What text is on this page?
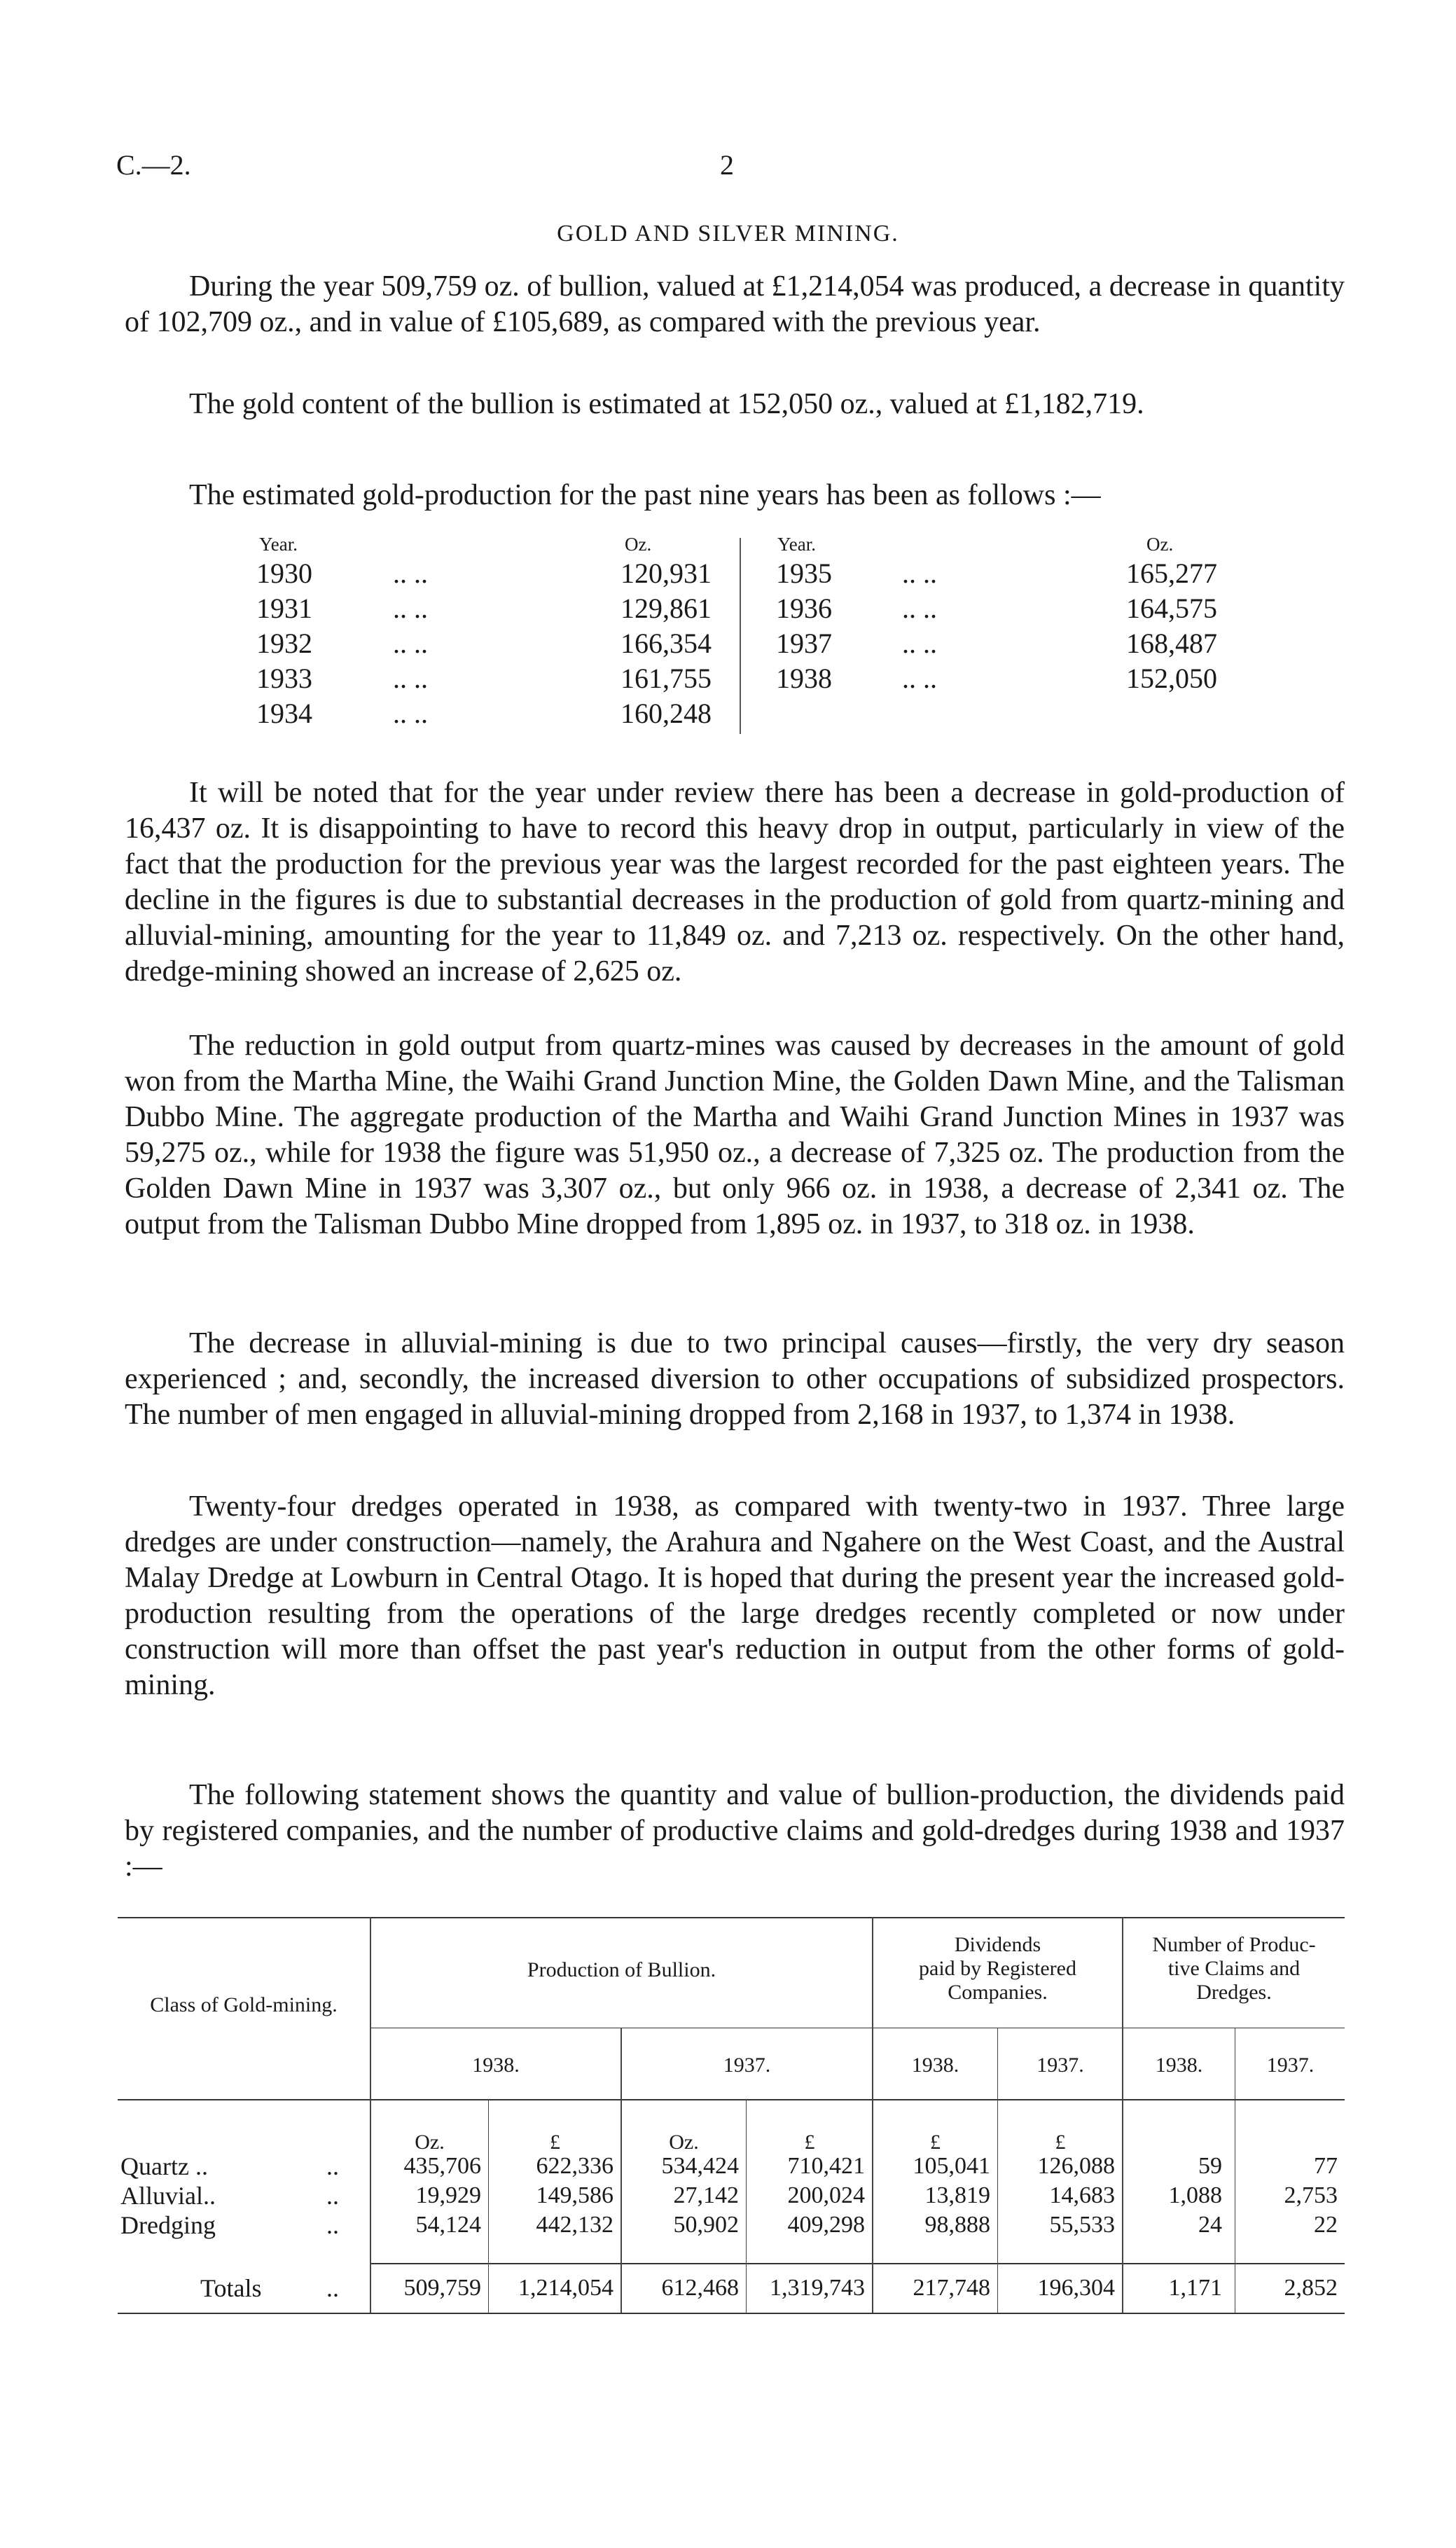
C.—2.	2
GOLD AND SILVER MINING.

During the year 509,759 oz. of bullion, valued at £1,214,054 was produced, a decrease in quantity of 102,709 oz., and in value of £105,689, as compared with the previous year.

The gold content of the bullion is estimated at 152,050 oz., valued at £1,182,719.

The estimated gold-production for the past nine years has been as follows :—

Year.	Oz.	Year.	Oz.
1930	.. ..	120,931
1931	.. ..	129,861
1932	.. ..	166,354
1933	.. ..	161,755
1934	.. ..	160,248
1935	.. ..	165,277
1936	.. ..	164,575
1937	.. ..	168,487
1938	.. ..	152,050

It will be noted that for the year under review there has been a decrease in gold-production of 16,437 oz. It is disappointing to have to record this heavy drop in output, particularly in view of the fact that the production for the previous year was the largest recorded for the past eighteen years. The decline in the figures is due to substantial decreases in the production of gold from quartz-mining and alluvial-mining, amounting for the year to 11,849 oz. and 7,213 oz. respectively. On the other hand, dredge-mining showed an increase of 2,625 oz.

The reduction in gold output from quartz-mines was caused by decreases in the amount of gold won from the Martha Mine, the Waihi Grand Junction Mine, the Golden Dawn Mine, and the Talisman Dubbo Mine. The aggregate production of the Martha and Waihi Grand Junction Mines in 1937 was 59,275 oz., while for 1938 the figure was 51,950 oz., a decrease of 7,325 oz. The production from the Golden Dawn Mine in 1937 was 3,307 oz., but only 966 oz. in 1938, a decrease of 2,341 oz. The output from the Talisman Dubbo Mine dropped from 1,895 oz. in 1937, to 318 oz. in 1938.

The decrease in alluvial-mining is due to two principal causes—firstly, the very dry season experienced ; and, secondly, the increased diversion to other occupations of subsidized prospectors. The number of men engaged in alluvial-mining dropped from 2,168 in 1937, to 1,374 in 1938.

Twenty-four dredges operated in 1938, as compared with twenty-two in 1937. Three large dredges are under construction—namely, the Arahura and Ngahere on the West Coast, and the Austral Malay Dredge at Lowburn in Central Otago. It is hoped that during the present year the increased gold-production resulting from the operations of the large dredges recently completed or now under construction will more than offset the past year's reduction in output from the other forms of gold-mining.

The following statement shows the quantity and value of bullion-production, the dividends paid by registered companies, and the number of productive claims and gold-dredges during 1938 and 1937 :—

Class of Gold-mining.
Production of Bullion.
Dividends
paid by Registered
Companies.
Number of Produc-
tive Claims and
Dredges.
1938.	1937.	1938.	1937.	1938.	1937.
Oz.	£	Oz.	£	£	£
Quartz ..	..	435,706	622,336	534,424	710,421	105,041	126,088	59	77
Alluvial..	..	19,929	149,586	27,142	200,024	13,819	14,683	1,088	2,753
Dredging	..	54,124	442,132	50,902	409,298	98,888	55,533	24	22
Totals	..	509,759	1,214,054	612,468	1,319,743	217,748	196,304	1,171	2,852
